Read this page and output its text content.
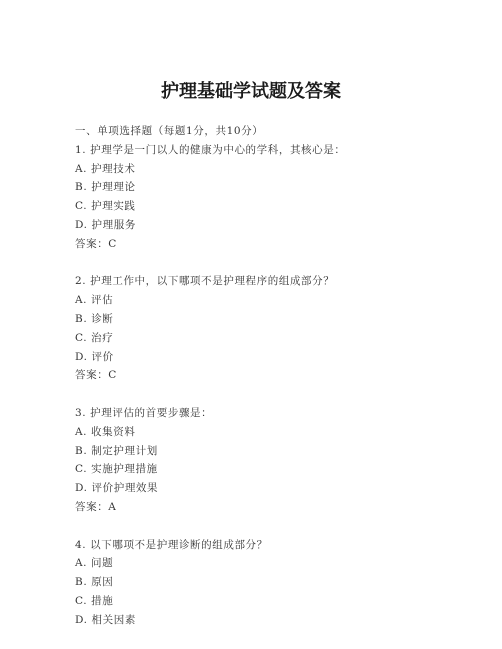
护理基础学试题及答案
一、单项选择题（每题1分，共10分）
1. 护理学是一门以人的健康为中心的学科，其核心是：
A. 护理技术
B. 护理理论
C. 护理实践
D. 护理服务
答案：C
2. 护理工作中，以下哪项不是护理程序的组成部分？
A. 评估
B. 诊断
C. 治疗
D. 评价
答案：C
3. 护理评估的首要步骤是：
A. 收集资料
B. 制定护理计划
C. 实施护理措施
D. 评价护理效果
答案：A
4. 以下哪项不是护理诊断的组成部分？
A. 问题
B. 原因
C. 措施
D. 相关因素
